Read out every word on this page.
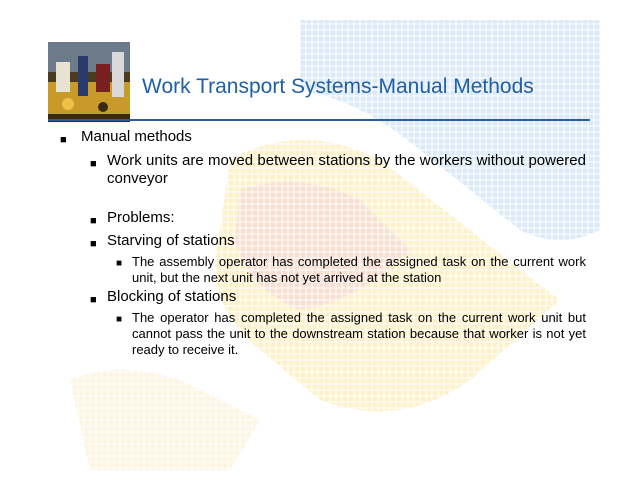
Work Transport Systems-Manual Methods
■ Manual methods
■ Work units are moved between stations by the workers without powered conveyor
■ Problems:
■ Starving of stations
■ The assembly operator has completed the assigned task on the current work unit, but the next unit has not yet arrived at the station
■ Blocking of stations
■ The operator has completed the assigned task on the current work unit but cannot pass the unit to the downstream station because that worker is not yet ready to receive it.
